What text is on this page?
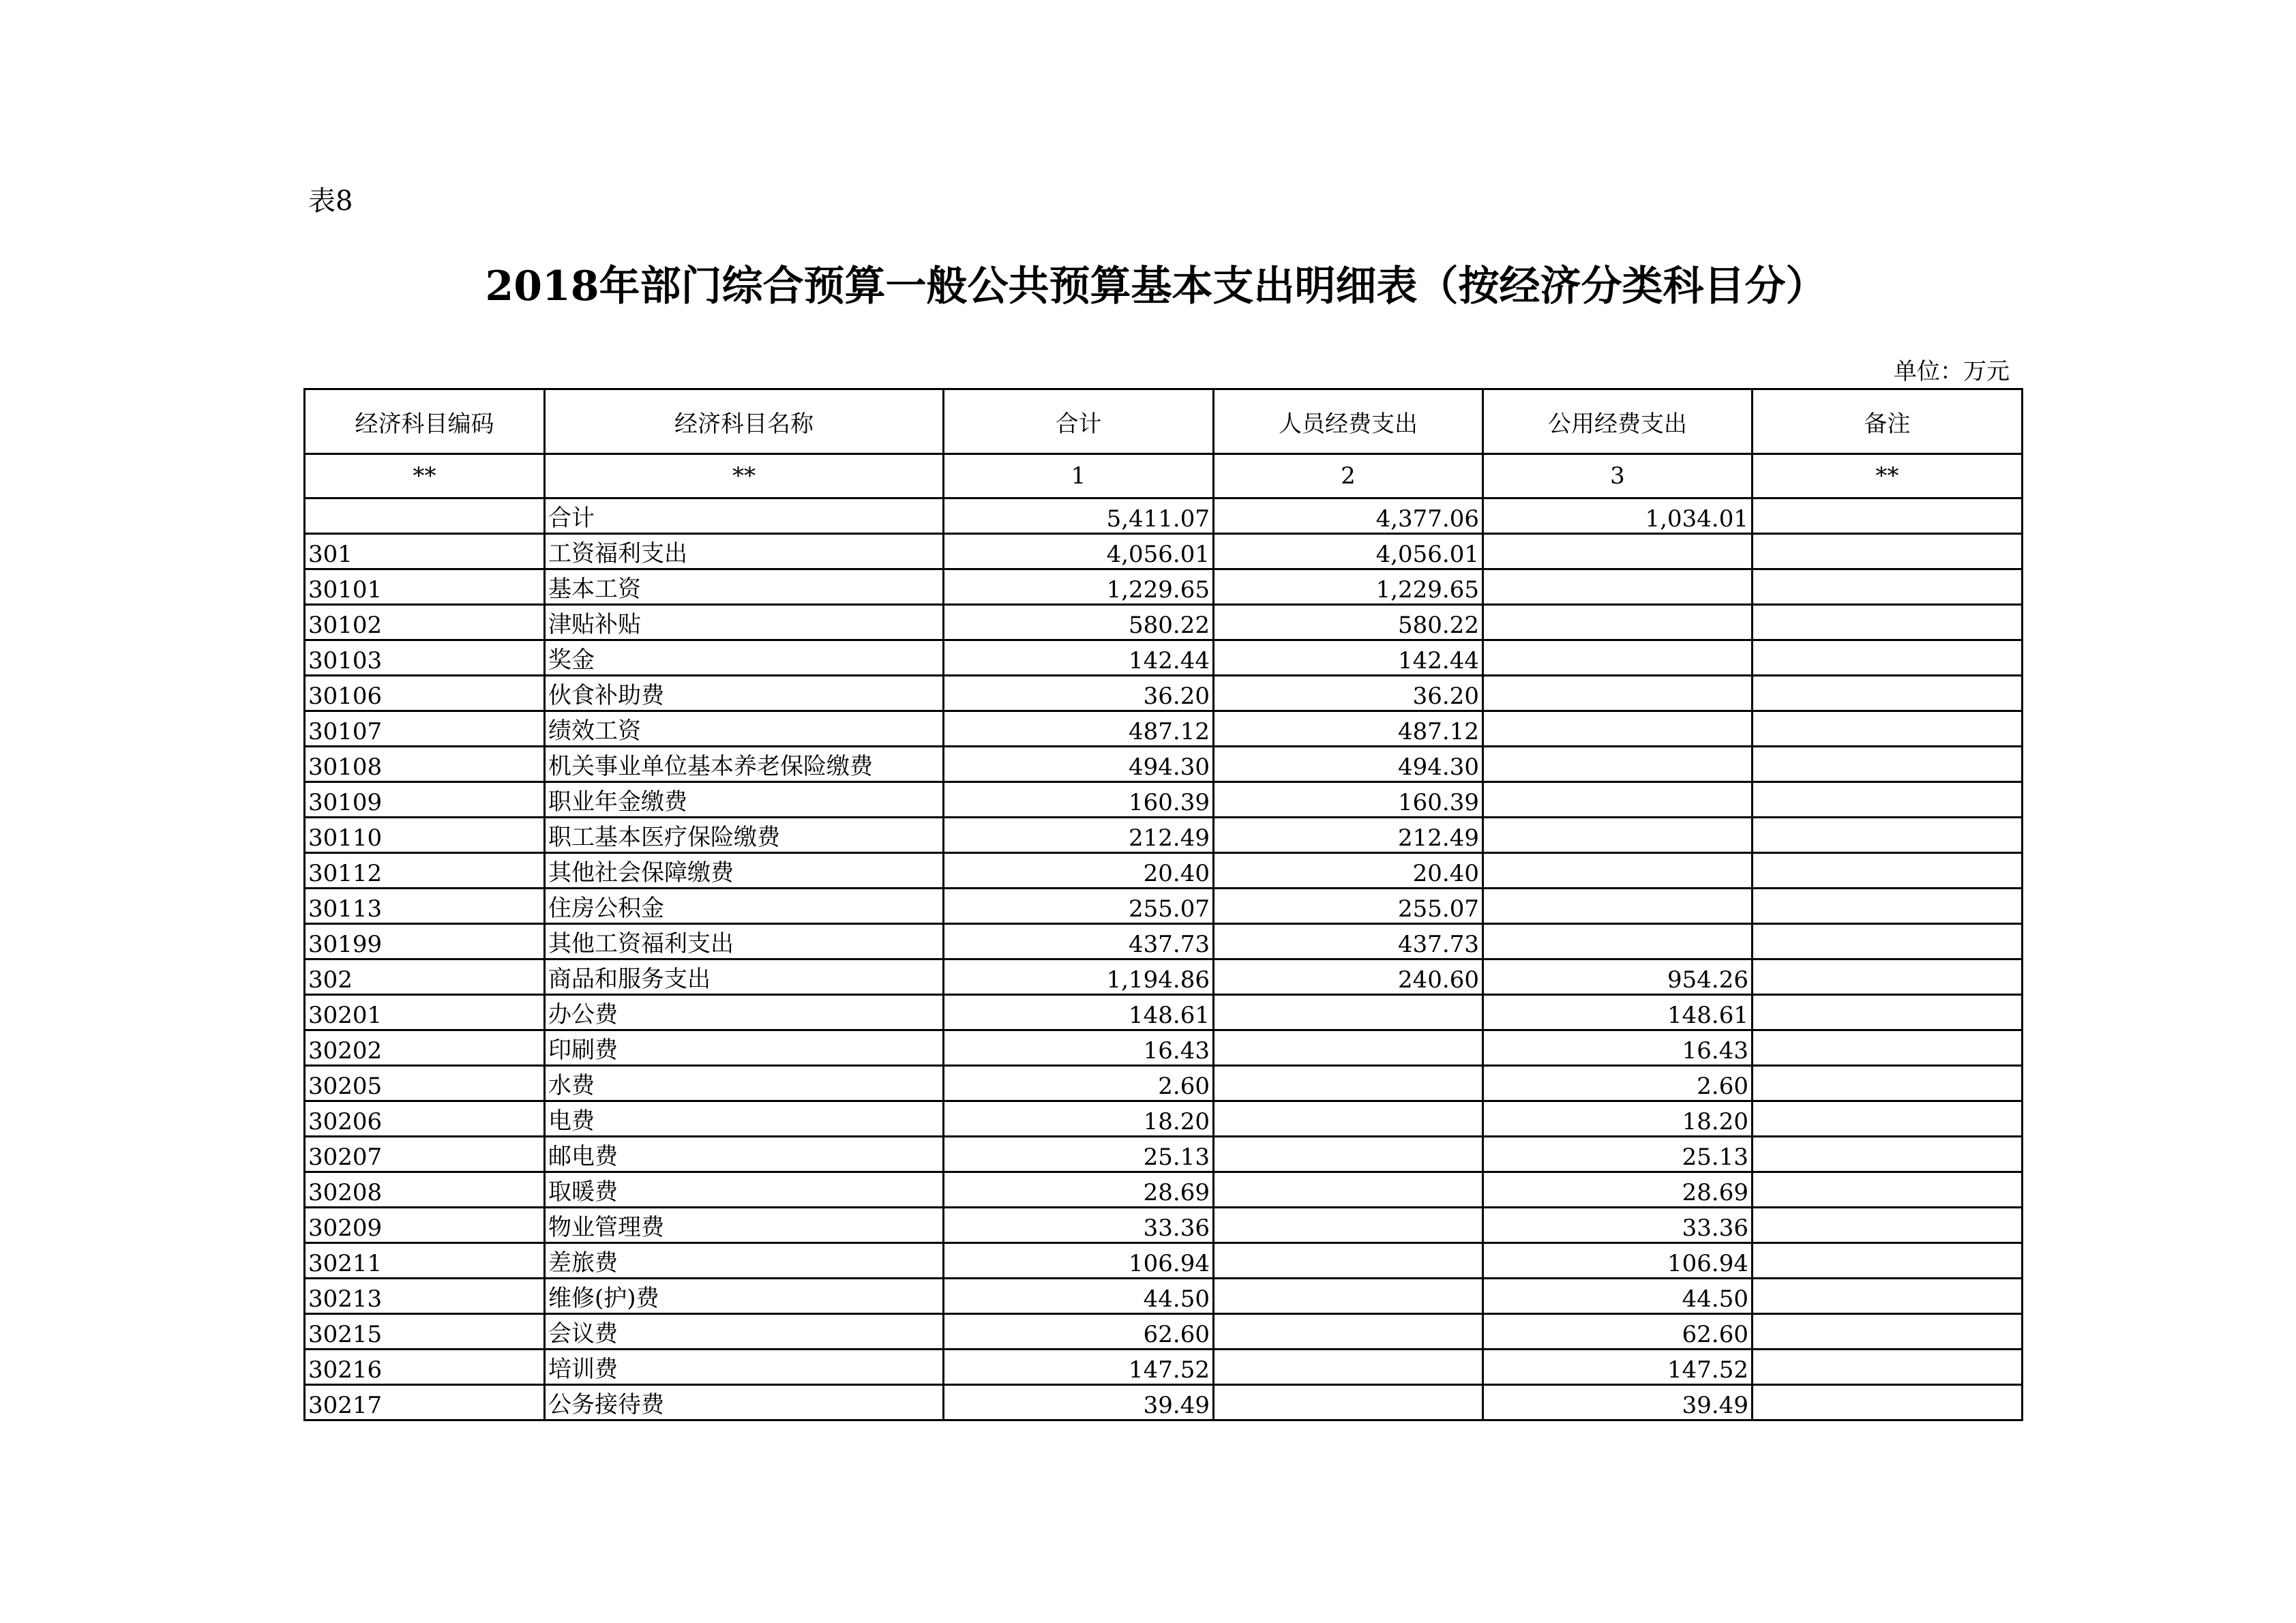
表8
2018年部门综合预算一般公共预算基本支出明细表（按经济分类科目分）
单位：万元
经济科目编码	经济科目名称	合计	人员经费支出	公用经费支出	备注
**	**	1	2	3	**
	合计	5,411.07	4,377.06	1,034.01	
301	工资福利支出	4,056.01	4,056.01		
30101	基本工资	1,229.65	1,229.65		
30102	津贴补贴	580.22	580.22		
30103	奖金	142.44	142.44		
30106	伙食补助费	36.20	36.20		
30107	绩效工资	487.12	487.12		
30108	机关事业单位基本养老保险缴费	494.30	494.30		
30109	职业年金缴费	160.39	160.39		
30110	职工基本医疗保险缴费	212.49	212.49		
30112	其他社会保障缴费	20.40	20.40		
30113	住房公积金	255.07	255.07		
30199	其他工资福利支出	437.73	437.73		
302	商品和服务支出	1,194.86	240.60	954.26	
30201	办公费	148.61		148.61	
30202	印刷费	16.43		16.43	
30205	水费	2.60		2.60	
30206	电费	18.20		18.20	
30207	邮电费	25.13		25.13	
30208	取暖费	28.69		28.69	
30209	物业管理费	33.36		33.36	
30211	差旅费	106.94		106.94	
30213	维修(护)费	44.50		44.50	
30215	会议费	62.60		62.60	
30216	培训费	147.52		147.52	
30217	公务接待费	39.49		39.49	
